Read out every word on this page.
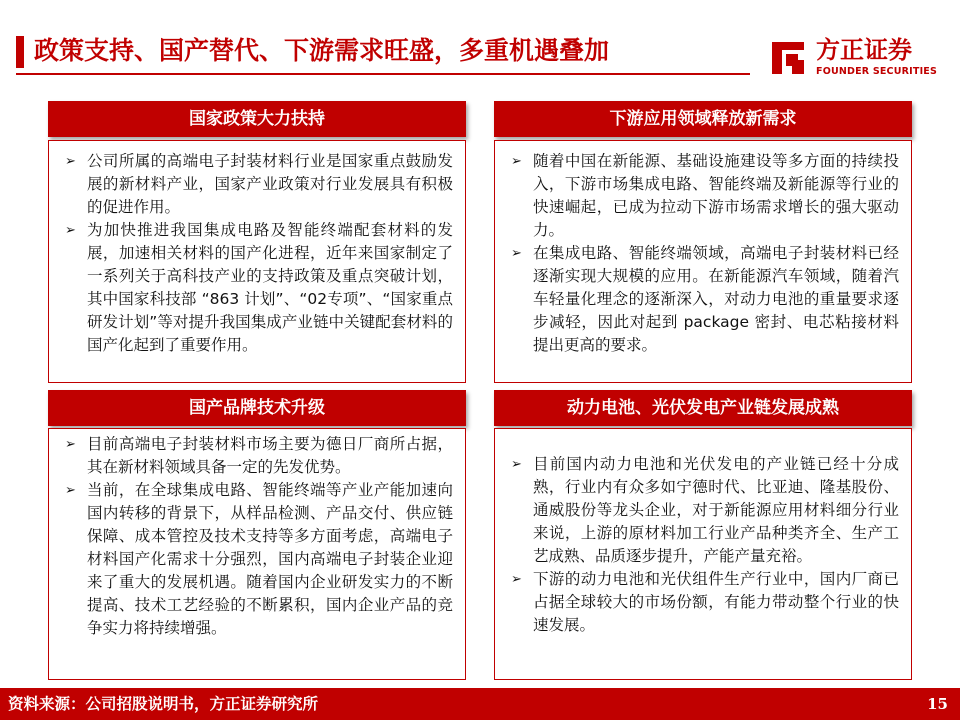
政策支持、国产替代、下游需求旺盛，多重机遇叠加	方正证券
FOUNDER SECURITIES
国家政策大力扶持
➢ 公司所属的高端电子封装材料行业是国家重点鼓励发展的新材料产业，国家产业政策对行业发展具有积极的促进作用。
➢ 为加快推进我国集成电路及智能终端配套材料的发展，加速相关材料的国产化进程，近年来国家制定了一系列关于高科技产业的支持政策及重点突破计划，其中国家科技部 “863 计划”、“02专项”、“国家重点研发计划”等对提升我国集成产业链中关键配套材料的国产化起到了重要作用。
下游应用领域释放新需求
➢ 随着中国在新能源、基础设施建设等多方面的持续投入，下游市场集成电路、智能终端及新能源等行业的快速崛起，已成为拉动下游市场需求增长的强大驱动力。
➢ 在集成电路、智能终端领域，高端电子封装材料已经逐渐实现大规模的应用。在新能源汽车领域，随着汽车轻量化理念的逐渐深入，对动力电池的重量要求逐步减轻，因此对起到 package 密封、电芯粘接材料提出更高的要求。
国产品牌技术升级
➢ 目前高端电子封装材料市场主要为德日厂商所占据，其在新材料领域具备一定的先发优势。
➢ 当前，在全球集成电路、智能终端等产业产能加速向国内转移的背景下，从样品检测、产品交付、供应链保障、成本管控及技术支持等多方面考虑，高端电子材料国产化需求十分强烈，国内高端电子封装企业迎来了重大的发展机遇。随着国内企业研发实力的不断提高、技术工艺经验的不断累积，国内企业产品的竞争实力将持续增强。
动力电池、光伏发电产业链发展成熟
➢ 目前国内动力电池和光伏发电的产业链已经十分成熟，行业内有众多如宁德时代、比亚迪、隆基股份、通威股份等龙头企业，对于新能源应用材料细分行业来说，上游的原材料加工行业产品种类齐全、生产工艺成熟、品质逐步提升，产能产量充裕。
➢ 下游的动力电池和光伏组件生产行业中，国内厂商已占据全球较大的市场份额，有能力带动整个行业的快速发展。
资料来源：公司招股说明书，方正证券研究所	15
